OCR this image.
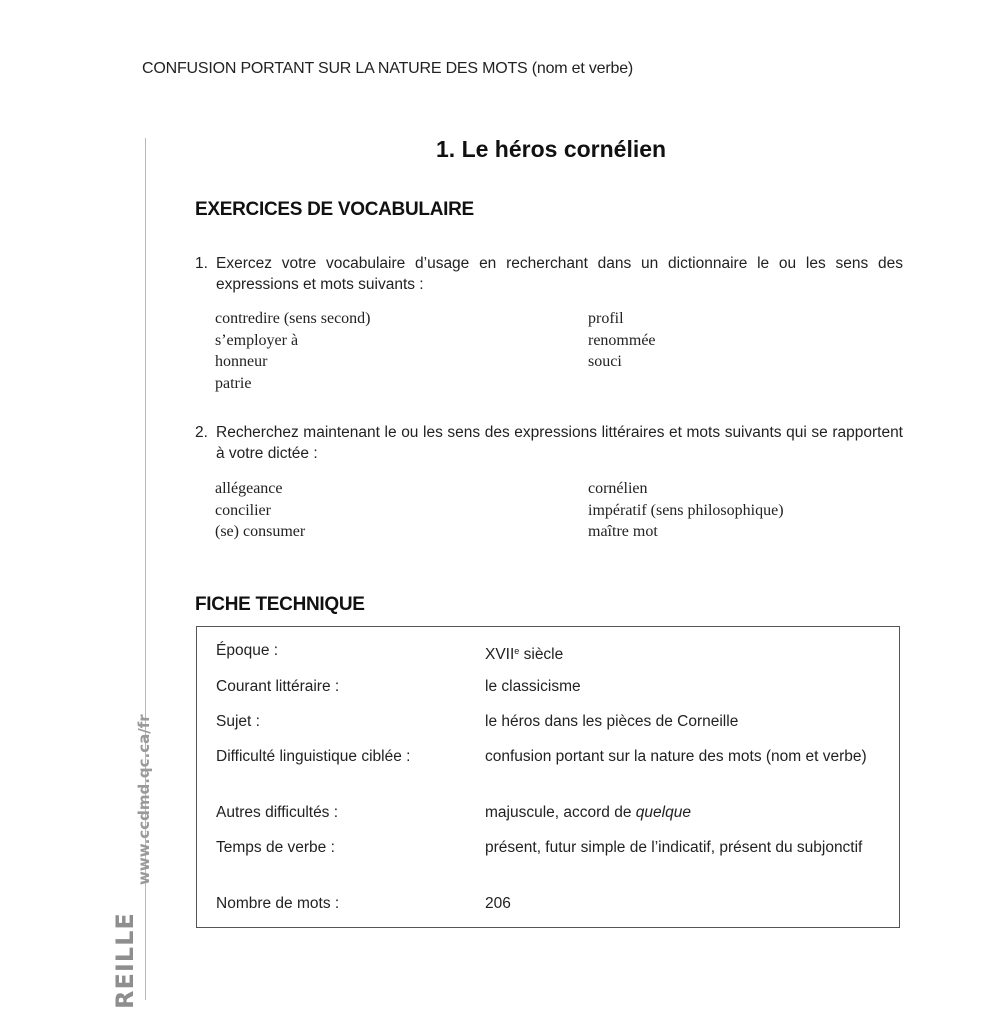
CONFUSION PORTANT SUR LA NATURE DES MOTS (nom et verbe)
www.ccdmd.qc.ca/fr
REILLE
1. Le héros cornélien
EXERCICES DE VOCABULAIRE
1. Exercez votre vocabulaire d’usage en recherchant dans un dictionnaire le ou les sens des expressions et mots suivants :
contredire (sens second)
s’employer à
honneur
patrie
profil
renommée
souci
2. Recherchez maintenant le ou les sens des expressions littéraires et mots suivants qui se rapportent à votre dictée :
allégeance
concilier
(se) consumer
cornélien
impératif (sens philosophique)
maître mot
FICHE TECHNIQUE
Époque :	XVIIe siècle
Courant littéraire :	le classicisme
Sujet :	le héros dans les pièces de Corneille
Difficulté linguistique ciblée :	confusion portant sur la nature des mots (nom et verbe)
Autres difficultés :	majuscule, accord de quelque
Temps de verbe :	présent, futur simple de l’indicatif, présent du subjonctif
Nombre de mots :	206
